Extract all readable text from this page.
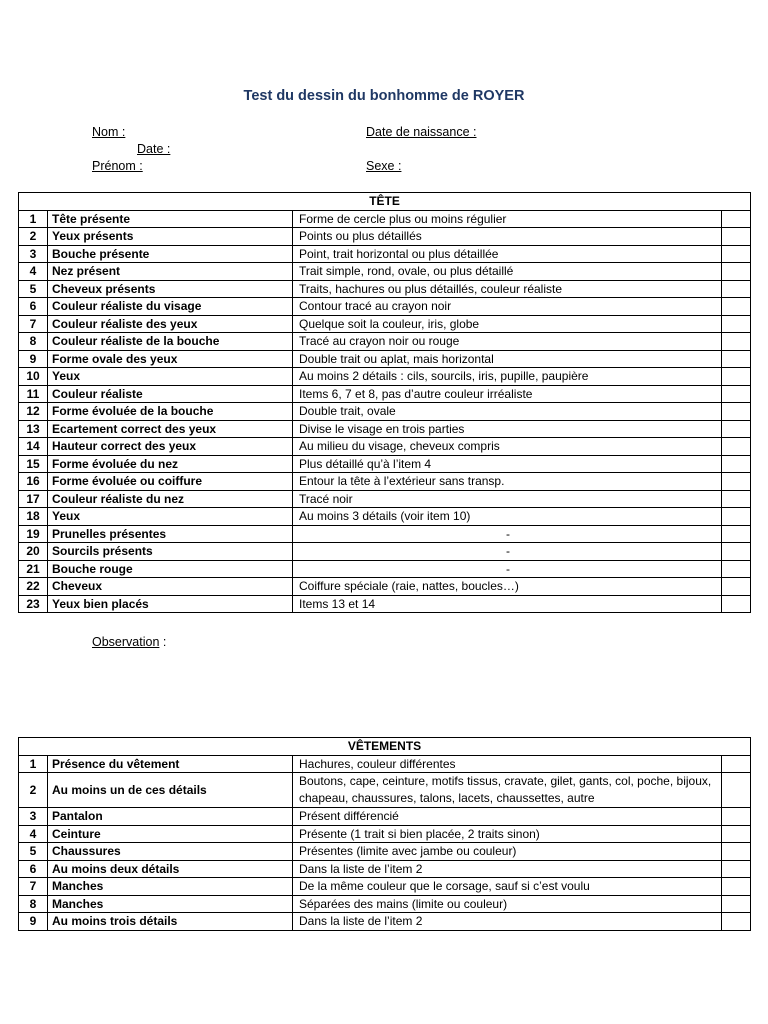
Test du dessin du bonhomme de ROYER
Nom :	Date de naissance :
Date :
Prénom :	Sexe :
TÊTE			
1	Tête présente	Forme de cercle plus ou moins régulier	
2	Yeux présents	Points ou plus détaillés	
3	Bouche présente	Point, trait horizontal ou plus détaillée	
4	Nez présent	Trait simple, rond, ovale, ou plus détaillé	
5	Cheveux présents	Traits, hachures ou plus détaillés, couleur réaliste	
6	Couleur réaliste du visage	Contour tracé au crayon noir	
7	Couleur réaliste des yeux	Quelque soit la couleur, iris, globe	
8	Couleur réaliste de la bouche	Tracé au crayon noir ou rouge	
9	Forme ovale des yeux	Double trait ou aplat, mais horizontal	
10	Yeux	Au moins 2 détails : cils, sourcils, iris, pupille, paupière	
11	Couleur réaliste	Items 6, 7 et 8, pas d’autre couleur irréaliste	
12	Forme évoluée de la bouche	Double trait, ovale	
13	Ecartement correct des yeux	Divise le visage en trois parties	
14	Hauteur correct des yeux	Au milieu du visage, cheveux compris	
15	Forme évoluée du nez	Plus détaillé qu’à l’item 4	
16	Forme évoluée ou coiffure	Entour la tête à l’extérieur sans transp.	
17	Couleur réaliste du nez	Tracé noir	
18	Yeux	Au moins 3 détails (voir item 10)	
19	Prunelles présentes	-	
20	Sourcils présents	-	
21	Bouche rouge	-	
22	Cheveux	Coiffure spéciale (raie, nattes, boucles…)	
23	Yeux bien placés	Items 13 et 14	
Observation :
VÊTEMENTS			
1	Présence du vêtement	Hachures, couleur différentes	
2	Au moins un de ces détails	Boutons, cape, ceinture, motifs tissus, cravate, gilet, gants, col, poche, bijoux, chapeau, chaussures, talons, lacets, chaussettes, autre	
3	Pantalon	Présent différencié	
4	Ceinture	Présente (1 trait si bien placée, 2 traits sinon)	
5	Chaussures	Présentes (limite avec jambe ou couleur)	
6	Au moins deux détails	Dans la liste de l’item 2	
7	Manches	De la même couleur que le corsage, sauf si c’est voulu	
8	Manches	Séparées des mains (limite ou couleur)	
9	Au moins trois détails	Dans la liste de l’item 2	
